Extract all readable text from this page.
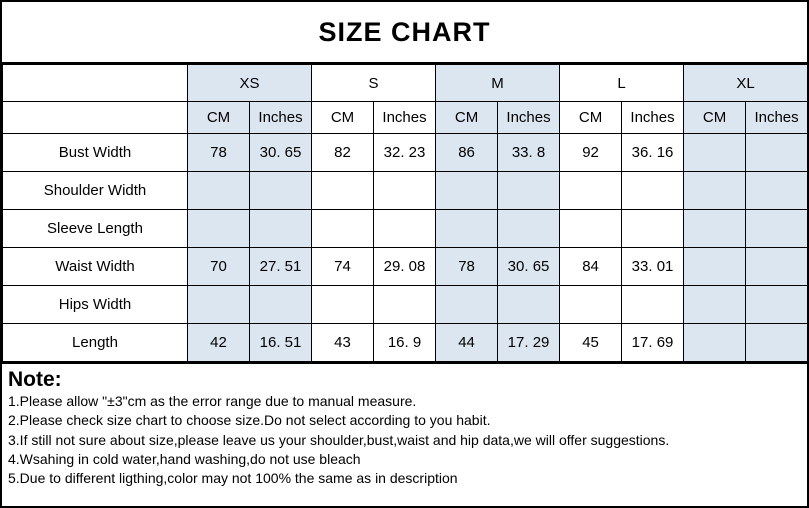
SIZE CHART
	XS		S		M		L		XL	
	CM	Inches	CM	Inches	CM	Inches	CM	Inches	CM	Inches
Bust Width	78	30. 65	82	32. 23	86	33. 8	92	36. 16		
Shoulder Width										
Sleeve Length										
Waist Width	70	27. 51	74	29. 08	78	30. 65	84	33. 01		
Hips Width										
Length	42	16. 51	43	16. 9	44	17. 29	45	17. 69		
Note:
1.Please allow "±3"cm as the error range due to manual measure.
2.Please check size chart to choose size.Do not select according to you habit.
3.If still not sure about size,please leave us your shoulder,bust,waist and hip data,we will offer suggestions.
4.Wsahing in cold water,hand washing,do not use bleach
5.Due to different ligthing,color may not 100% the same as in description
